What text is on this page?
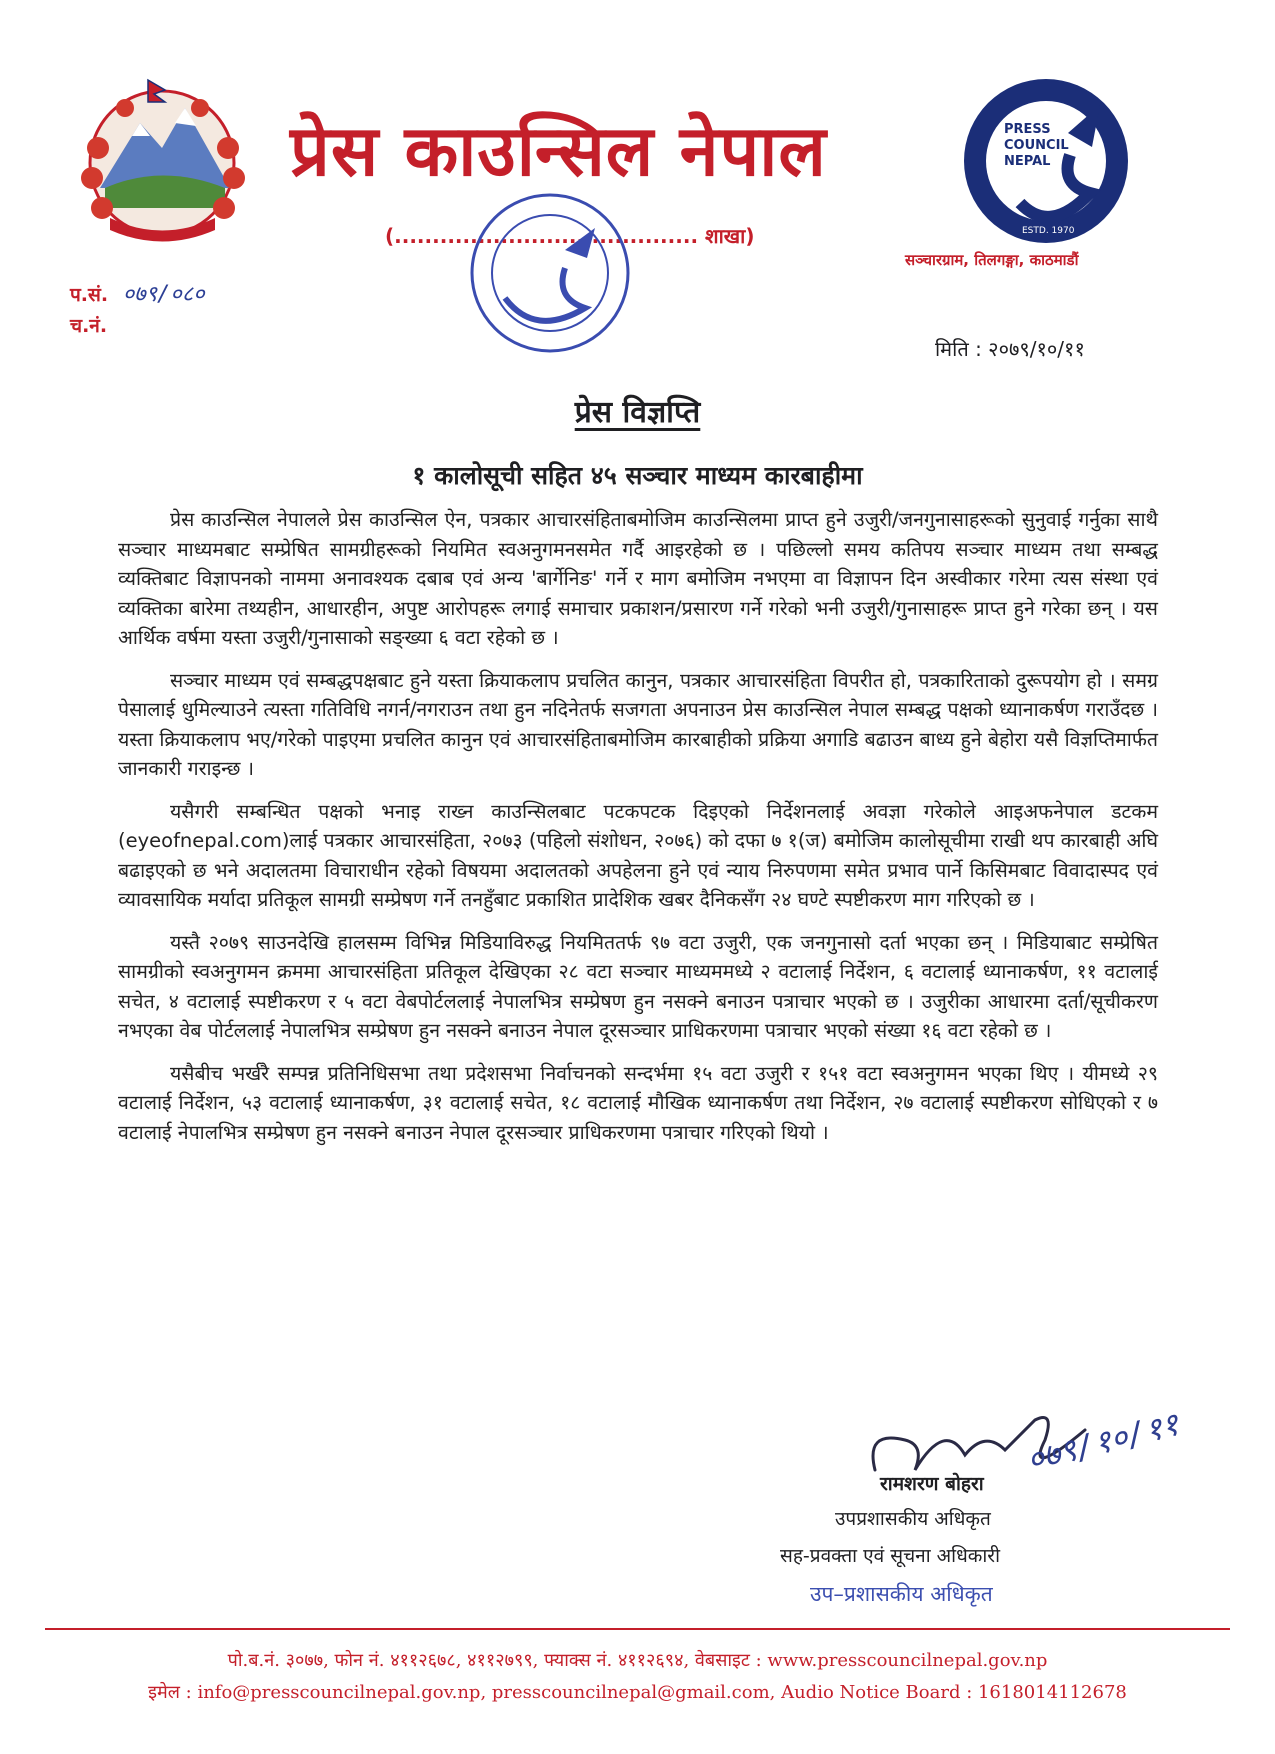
प्रेस काउन्सिल नेपाल
(........................................ शाखा)
PRESS
COUNCIL
NEPAL
ESTD. 1970
सञ्चारग्राम, तिलगङ्गा, काठमाडौं
प.सं. ०७९/०८०
च.नं.
मिति : २०७९/१०/११
प्रेस विज्ञप्ति
१ कालोसूची सहित ४५ सञ्चार माध्यम कारबाहीमा

प्रेस काउन्सिल नेपालले प्रेस काउन्सिल ऐन, पत्रकार आचारसंहिताबमोजिम काउन्सिलमा प्राप्त हुने उजुरी/जनगुनासाहरूको सुनुवाई गर्नुका साथै सञ्चार माध्यमबाट सम्प्रेषित सामग्रीहरूको नियमित स्वअनुगमनसमेत गर्दै आइरहेको छ । पछिल्लो समय कतिपय सञ्चार माध्यम तथा सम्बद्ध व्यक्तिबाट विज्ञापनको नाममा अनावश्यक दबाब एवं अन्य 'बार्गेनिङ' गर्ने र माग बमोजिम नभएमा वा विज्ञापन दिन अस्वीकार गरेमा त्यस संस्था एवं व्यक्तिका बारेमा तथ्यहीन, आधारहीन, अपुष्ट आरोपहरू लगाई समाचार प्रकाशन/प्रसारण गर्ने गरेको भनी उजुरी/गुनासाहरू प्राप्त हुने गरेका छन् । यस आर्थिक वर्षमा यस्ता उजुरी/गुनासाको सङ्ख्या ६ वटा रहेको छ ।

सञ्चार माध्यम एवं सम्बद्धपक्षबाट हुने यस्ता क्रियाकलाप प्रचलित कानुन, पत्रकार आचारसंहिता विपरीत हो, पत्रकारिताको दुरूपयोग हो । समग्र पेसालाई धुमिल्याउने त्यस्ता गतिविधि नगर्न/नगराउन तथा हुन नदिनेतर्फ सजगता अपनाउन प्रेस काउन्सिल नेपाल सम्बद्ध पक्षको ध्यानाकर्षण गराउँदछ । यस्ता क्रियाकलाप भए/गरेको पाइएमा प्रचलित कानुन एवं आचारसंहिताबमोजिम कारबाहीको प्रक्रिया अगाडि बढाउन बाध्य हुने बेहोरा यसै विज्ञप्तिमार्फत जानकारी गराइन्छ ।

यसैगरी सम्बन्धित पक्षको भनाइ राख्न काउन्सिलबाट पटकपटक दिइएको निर्देशनलाई अवज्ञा गरेकोले आइअफनेपाल डटकम (eyeofnepal.com)लाई पत्रकार आचारसंहिता, २०७३ (पहिलो संशोधन, २०७६) को दफा ७ १(ज) बमोजिम कालोसूचीमा राखी थप कारबाही अघि बढाइएको छ भने अदालतमा विचाराधीन रहेको विषयमा अदालतको अपहेलना हुने एवं न्याय निरुपणमा समेत प्रभाव पार्ने किसिमबाट विवादास्पद एवं व्यावसायिक मर्यादा प्रतिकूल सामग्री सम्प्रेषण गर्ने तनहुँबाट प्रकाशित प्रादेशिक खबर दैनिकसँग २४ घण्टे स्पष्टीकरण माग गरिएको छ ।

यस्तै २०७९ साउनदेखि हालसम्म विभिन्न मिडियाविरुद्ध नियमिततर्फ ९७ वटा उजुरी, एक जनगुनासो दर्ता भएका छन् । मिडियाबाट सम्प्रेषित सामग्रीको स्वअनुगमन क्रममा आचारसंहिता प्रतिकूल देखिएका २८ वटा सञ्चार माध्यममध्ये २ वटालाई निर्देशन, ६ वटालाई ध्यानाकर्षण, ११ वटालाई सचेत, ४ वटालाई स्पष्टीकरण र ५ वटा वेबपोर्टललाई नेपालभित्र सम्प्रेषण हुन नसक्ने बनाउन पत्राचार भएको छ । उजुरीका आधारमा दर्ता/सूचीकरण नभएका वेब पोर्टललाई नेपालभित्र सम्प्रेषण हुन नसक्ने बनाउन नेपाल दूरसञ्चार प्राधिकरणमा पत्राचार भएको संख्या १६ वटा रहेको छ ।

यसैबीच भर्खरै सम्पन्न प्रतिनिधिसभा तथा प्रदेशसभा निर्वाचनको सन्दर्भमा १५ वटा उजुरी र १५१ वटा स्वअनुगमन भएका थिए । यीमध्ये २९ वटालाई निर्देशन, ५३ वटालाई ध्यानाकर्षण, ३१ वटालाई सचेत, १८ वटालाई मौखिक ध्यानाकर्षण तथा निर्देशन, २७ वटालाई स्पष्टीकरण सोधिएको र ७ वटालाई नेपालभित्र सम्प्रेषण हुन नसक्ने बनाउन नेपाल दूरसञ्चार प्राधिकरणमा पत्राचार गरिएको थियो ।

०७९/१०/११
रामशरण बोहरा
उपप्रशासकीय अधिकृत
सह-प्रवक्ता एवं सूचना अधिकारी
उप–प्रशासकीय अधिकृत
पो.ब.नं. ३०७७, फोन नं. ४११२६७८, ४११२७९९, फ्याक्स नं. ४११२६९४, वेबसाइट : www.presscouncilnepal.gov.np
इमेल : info@presscouncilnepal.gov.np, presscouncilnepal@gmail.com, Audio Notice Board : 1618014112678
